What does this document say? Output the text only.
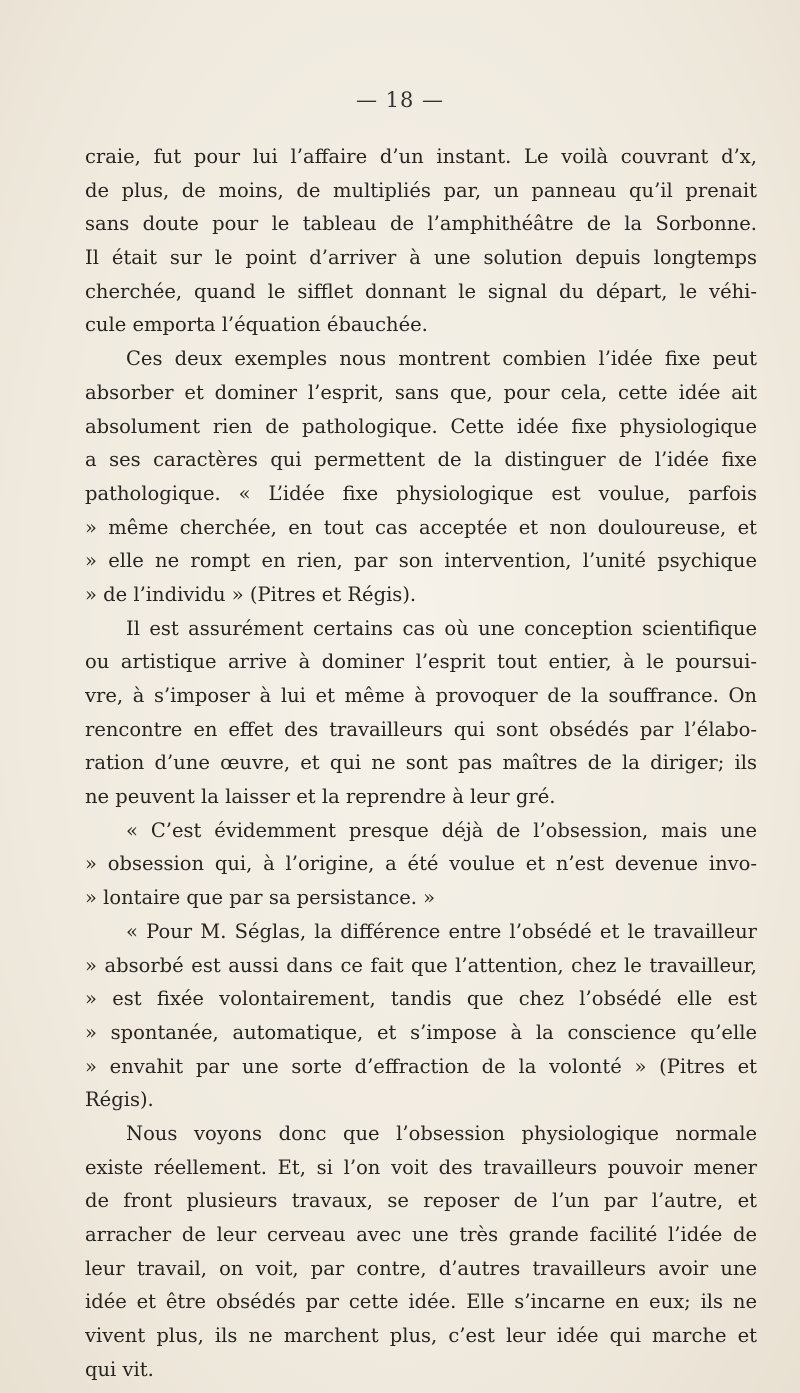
— 18 —
craie, fut pour lui l’affaire d’un instant. Le voilà couvrant d’x,
de plus, de moins, de multipliés par, un panneau qu’il prenait
sans doute pour le tableau de l’amphithéâtre de la Sorbonne.
Il était sur le point d’arriver à une solution depuis longtemps
cherchée, quand le sifflet donnant le signal du départ, le véhi-
cule emporta l’équation ébauchée.
Ces deux exemples nous montrent combien l’idée fixe peut
absorber et dominer l’esprit, sans que, pour cela, cette idée ait
absolument rien de pathologique. Cette idée fixe physiologique
a ses caractères qui permettent de la distinguer de l’idée fixe
pathologique. « L’idée fixe physiologique est voulue, parfois
» même cherchée, en tout cas acceptée et non douloureuse, et
» elle ne rompt en rien, par son intervention, l’unité psychique
» de l’individu » (Pitres et Régis).
Il est assurément certains cas où une conception scientifique
ou artistique arrive à dominer l’esprit tout entier, à le poursui-
vre, à s’imposer à lui et même à provoquer de la souffrance. On
rencontre en effet des travailleurs qui sont obsédés par l’élabo-
ration d’une œuvre, et qui ne sont pas maîtres de la diriger; ils
ne peuvent la laisser et la reprendre à leur gré.
« C’est évidemment presque déjà de l’obsession, mais une
» obsession qui, à l’origine, a été voulue et n’est devenue invo-
» lontaire que par sa persistance. »
« Pour M. Séglas, la différence entre l’obsédé et le travailleur
» absorbé est aussi dans ce fait que l’attention, chez le travailleur,
» est fixée volontairement, tandis que chez l’obsédé elle est
» spontanée, automatique, et s’impose à la conscience qu’elle
» envahit par une sorte d’effraction de la volonté » (Pitres et
Régis).
Nous voyons donc que l’obsession physiologique normale
existe réellement. Et, si l’on voit des travailleurs pouvoir mener
de front plusieurs travaux, se reposer de l’un par l’autre, et
arracher de leur cerveau avec une très grande facilité l’idée de
leur travail, on voit, par contre, d’autres travailleurs avoir une
idée et être obsédés par cette idée. Elle s’incarne en eux; ils ne
vivent plus, ils ne marchent plus, c’est leur idée qui marche et
qui vit.
